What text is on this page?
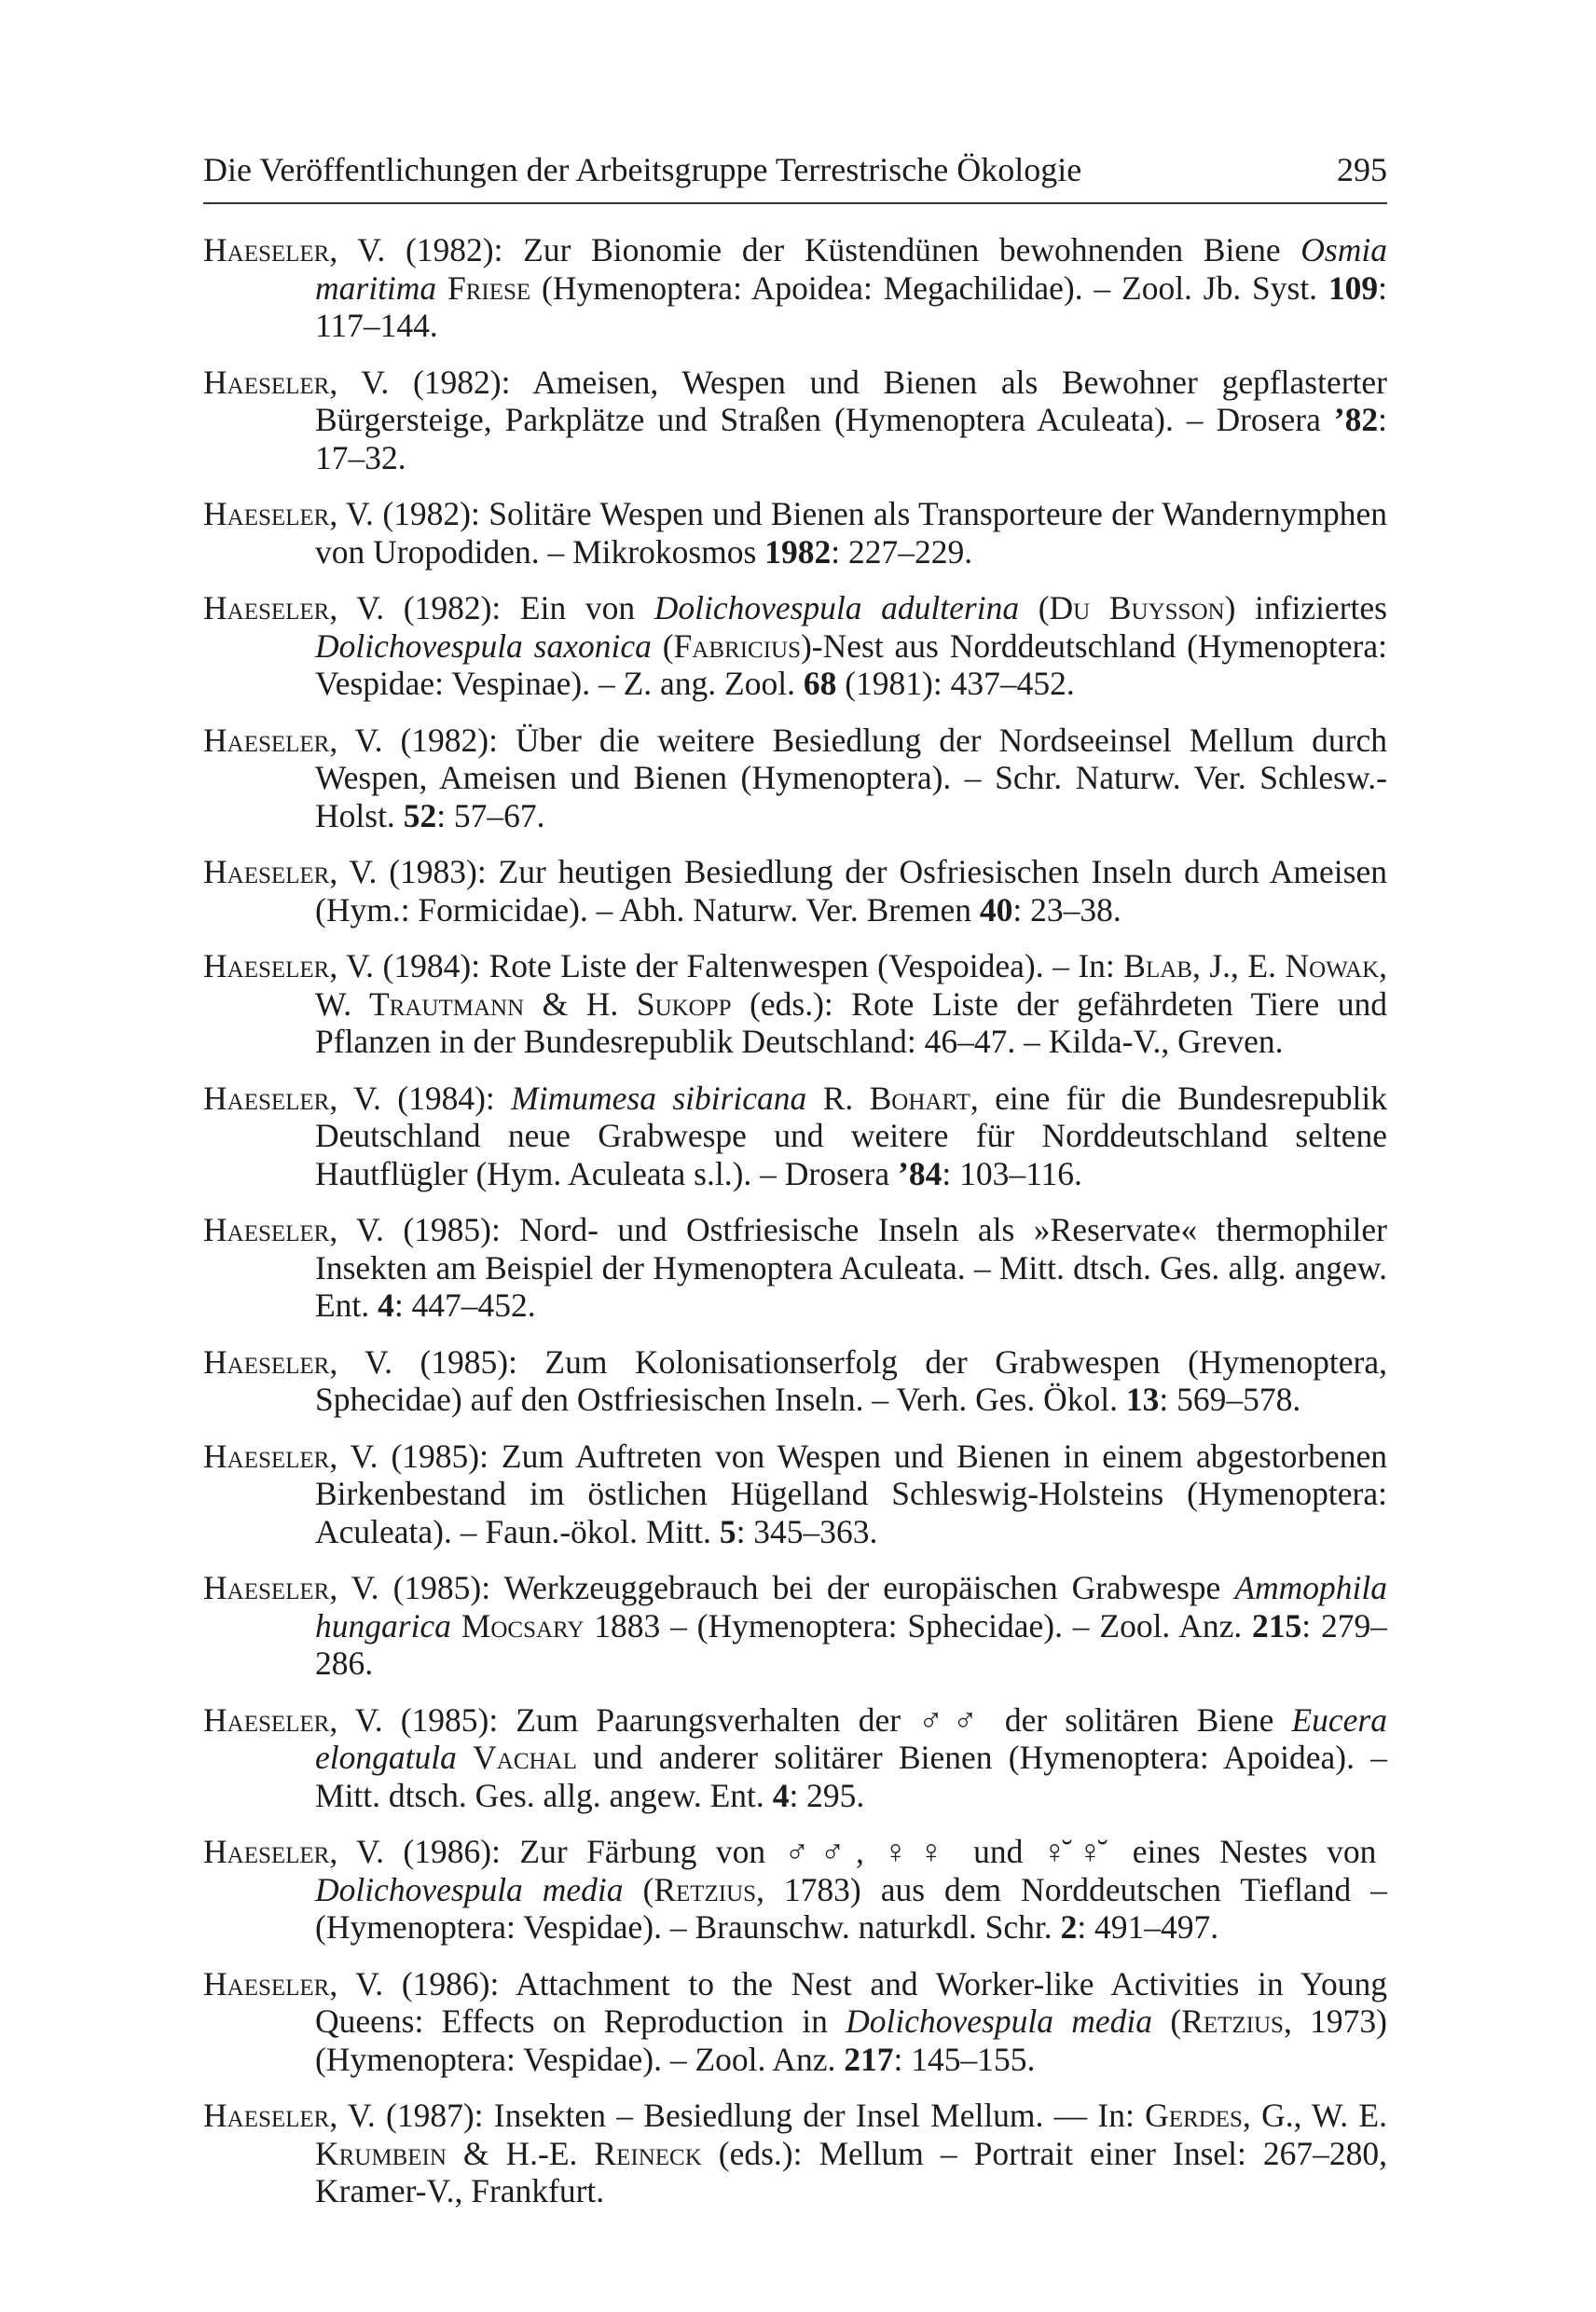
Die Veröffentlichungen der Arbeitsgruppe Terrestrische Ökologie	295

Haeseler, V. (1982): Zur Bionomie der Küstendünen bewohnenden Biene Osmia maritima Friese (Hymenoptera: Apoidea: Megachilidae). – Zool. Jb. Syst. 109: 117–144.

Haeseler, V. (1982): Ameisen, Wespen und Bienen als Bewohner gepflasterter Bürgersteige, Parkplätze und Straßen (Hymenoptera Aculeata). – Drosera ’82: 17–32.

Haeseler, V. (1982): Solitäre Wespen und Bienen als Transporteure der Wandernymphen von Uropodiden. – Mikrokosmos 1982: 227–229.

Haeseler, V. (1982): Ein von Dolichovespula adulterina (Du Buysson) infiziertes Dolichovespula saxonica (Fabricius)-Nest aus Norddeutschland (Hymenoptera: Vespidae: Vespinae). – Z. ang. Zool. 68 (1981): 437–452.

Haeseler, V. (1982): Über die weitere Besiedlung der Nordseeinsel Mellum durch Wespen, Ameisen und Bienen (Hymenoptera). – Schr. Naturw. Ver. Schlesw.-Holst. 52: 57–67.

Haeseler, V. (1983): Zur heutigen Besiedlung der Osfriesischen Inseln durch Ameisen (Hym.: Formicidae). – Abh. Naturw. Ver. Bremen 40: 23–38.

Haeseler, V. (1984): Rote Liste der Faltenwespen (Vespoidea). – In: Blab, J., E. Nowak, W. Trautmann & H. Sukopp (eds.): Rote Liste der gefährdeten Tiere und Pflanzen in der Bundesrepublik Deutschland: 46–47. – Kilda-V., Greven.

Haeseler, V. (1984): Mimumesa sibiricana R. Bohart, eine für die Bundesrepublik Deutschland neue Grabwespe und weitere für Norddeutschland seltene Hautflügler (Hym. Aculeata s.l.). – Drosera ’84: 103–116.

Haeseler, V. (1985): Nord- und Ostfriesische Inseln als »Reservate« thermophiler Insekten am Beispiel der Hymenoptera Aculeata. – Mitt. dtsch. Ges. allg. angew. Ent. 4: 447–452.

Haeseler, V. (1985): Zum Kolonisationserfolg der Grabwespen (Hymenoptera, Sphecidae) auf den Ostfriesischen Inseln. – Verh. Ges. Ökol. 13: 569–578.

Haeseler, V. (1985): Zum Auftreten von Wespen und Bienen in einem abgestorbenen Birkenbestand im östlichen Hügelland Schleswig-Holsteins (Hymenoptera: Aculeata). – Faun.-ökol. Mitt. 5: 345–363.

Haeseler, V. (1985): Werkzeuggebrauch bei der europäischen Grabwespe Ammophila hungarica Mocsary 1883 – (Hymenoptera: Sphecidae). – Zool. Anz. 215: 279–286.

Haeseler, V. (1985): Zum Paarungsverhalten der ♂♂ der solitären Biene Eucera elongatula Vachal und anderer solitärer Bienen (Hymenoptera: Apoidea). – Mitt. dtsch. Ges. allg. angew. Ent. 4: 295.

Haeseler, V. (1986): Zur Färbung von ♂♂, ♀♀ und ♀̆♀̆ eines Nestes von Dolichovespula media (Retzius, 1783) aus dem Norddeutschen Tiefland – (Hymenoptera: Vespidae). – Braunschw. naturkdl. Schr. 2: 491–497.

Haeseler, V. (1986): Attachment to the Nest and Worker-like Activities in Young Queens: Effects on Reproduction in Dolichovespula media (Retzius, 1973) (Hymenoptera: Vespidae). – Zool. Anz. 217: 145–155.

Haeseler, V. (1987): Insekten – Besiedlung der Insel Mellum. — In: Gerdes, G., W. E. Krumbein & H.-E. Reineck (eds.): Mellum – Portrait einer Insel: 267–280, Kramer-V., Frankfurt.
